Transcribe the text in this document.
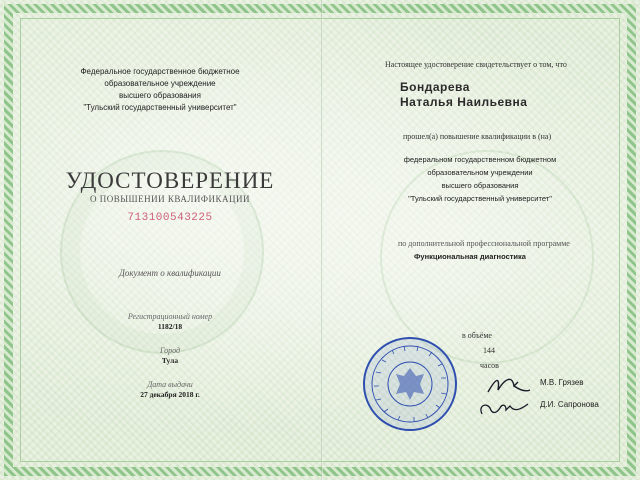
Федеральное государственное бюджетное
образовательное учреждение
высшего образования
"Тульский государственный университет"
УДОСТОВЕРЕНИЕ
О ПОВЫШЕНИИ КВАЛИФИКАЦИИ
713100543225
Документ о квалификации
Регистрационный номер
1182/18
Город
Тула
Дата выдачи
27 декабря 2018 г.
Настоящее удостоверение свидетельствует о том, что
Бондарева
Наталья Наильевна
прошел(а) повышение квалификации в (на)
федеральном государственном бюджетном
образовательном учреждении
высшего образования
"Тульский государственный университет"
по дополнительной профессиональной программе
Функциональная диагностика
в объёме
144
часов
М.В. Грязев
Д.И. Сапронова
